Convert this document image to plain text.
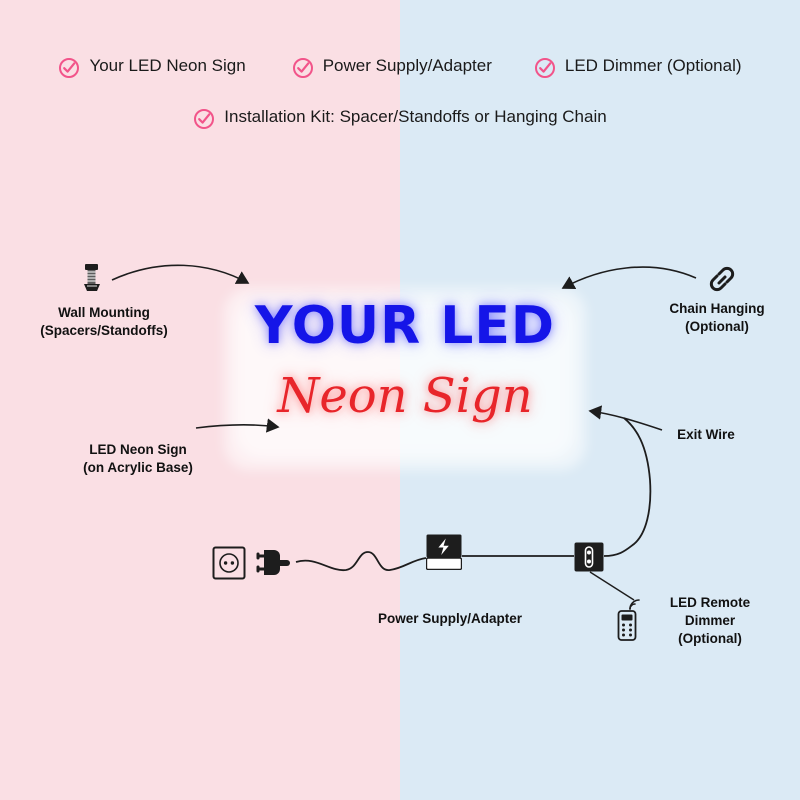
Your LED Neon Sign	Power Supply/Adapter	LED Dimmer (Optional)
Installation Kit: Spacer/Standoffs or Hanging Chain
YOUR LED
Neon Sign
Wall Mounting
(Spacers/Standoffs)
Chain Hanging
(Optional)
LED Neon Sign
(on Acrylic Base)
Exit Wire
Power Supply/Adapter
LED Remote
Dimmer
(Optional)
